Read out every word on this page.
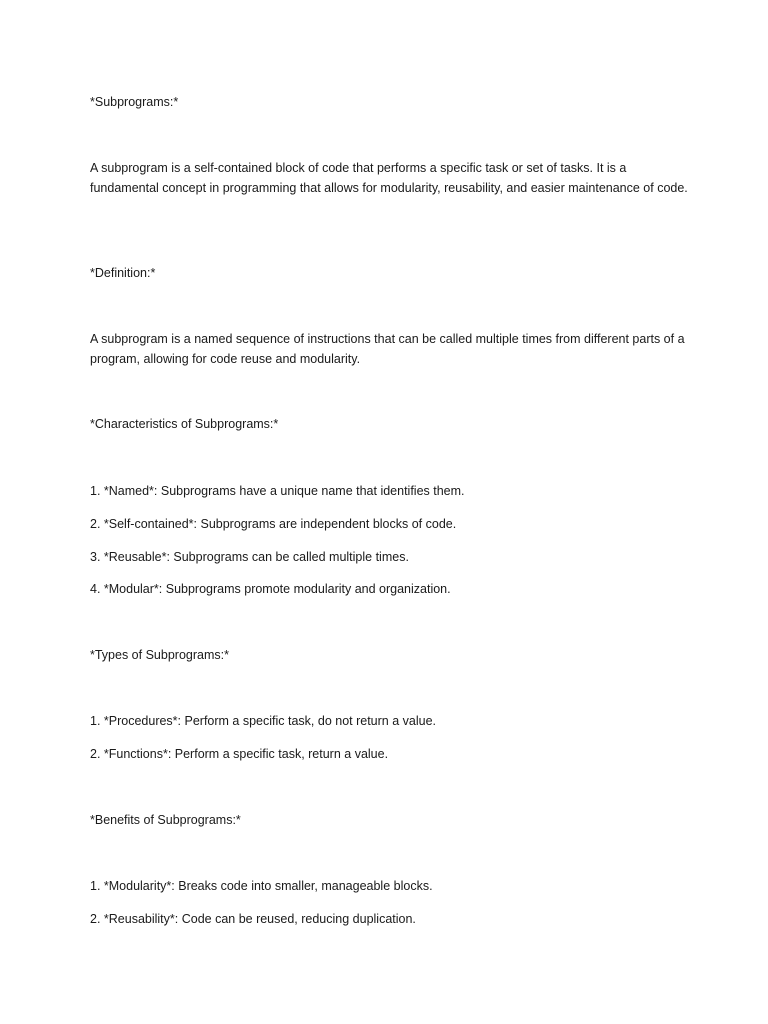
*Subprograms:*

A subprogram is a self-contained block of code that performs a specific task or set of tasks. It is a fundamental concept in programming that allows for modularity, reusability, and easier maintenance of code.

*Definition:*

A subprogram is a named sequence of instructions that can be called multiple times from different parts of a program, allowing for code reuse and modularity.

*Characteristics of Subprograms:*

1. *Named*: Subprograms have a unique name that identifies them.

2. *Self-contained*: Subprograms are independent blocks of code.

3. *Reusable*: Subprograms can be called multiple times.

4. *Modular*: Subprograms promote modularity and organization.

*Types of Subprograms:*

1. *Procedures*: Perform a specific task, do not return a value.

2. *Functions*: Perform a specific task, return a value.

*Benefits of Subprograms:*

1. *Modularity*: Breaks code into smaller, manageable blocks.

2. *Reusability*: Code can be reused, reducing duplication.
